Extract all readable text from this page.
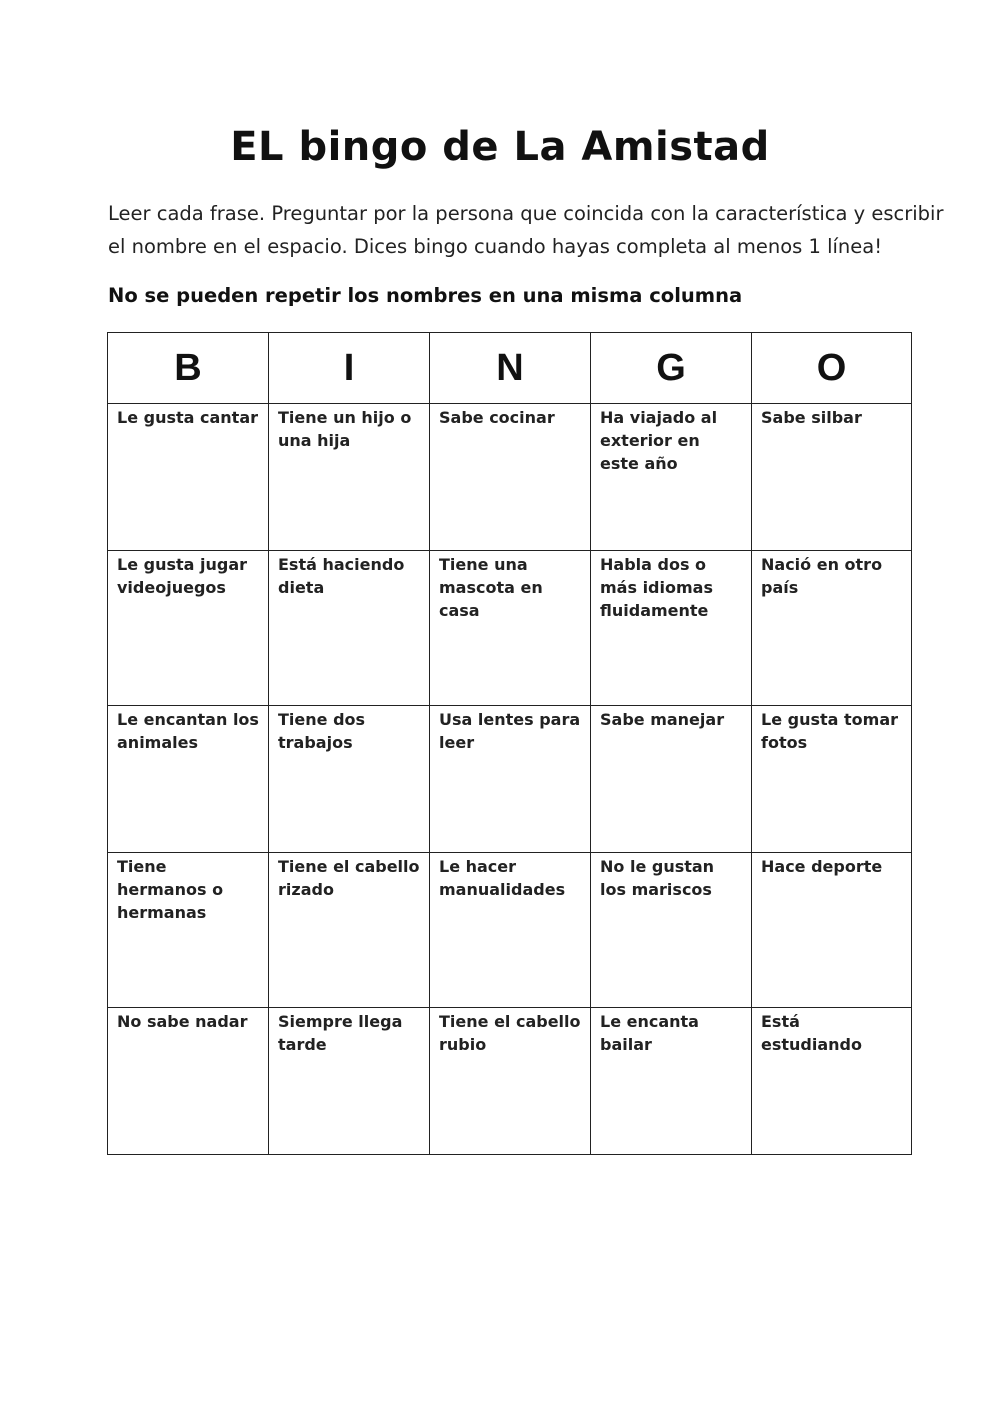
EL bingo de La Amistad

Leer cada frase. Preguntar por la persona que coincida con la característica y escribir el nombre en el espacio. Dices bingo cuando hayas completa al menos 1 línea!

No se pueden repetir los nombres en una misma columna

B	I	N	G	O

Le gusta cantar	Tiene un hijo o una hija	Sabe cocinar	Ha viajado al exterior en este año	Sabe silbar

Le gusta jugar videojuegos	Está haciendo dieta	Tiene una mascota en casa	Habla dos o más idiomas fluidamente	Nació en otro país

Le encantan los animales	Tiene dos trabajos	Usa lentes para leer	Sabe manejar	Le gusta tomar fotos

Tiene hermanos o hermanas	Tiene el cabello rizado	Le hacer manualidades	No le gustan los mariscos	Hace deporte

No sabe nadar	Siempre llega tarde	Tiene el cabello rubio	Le encanta bailar	Está estudiando
